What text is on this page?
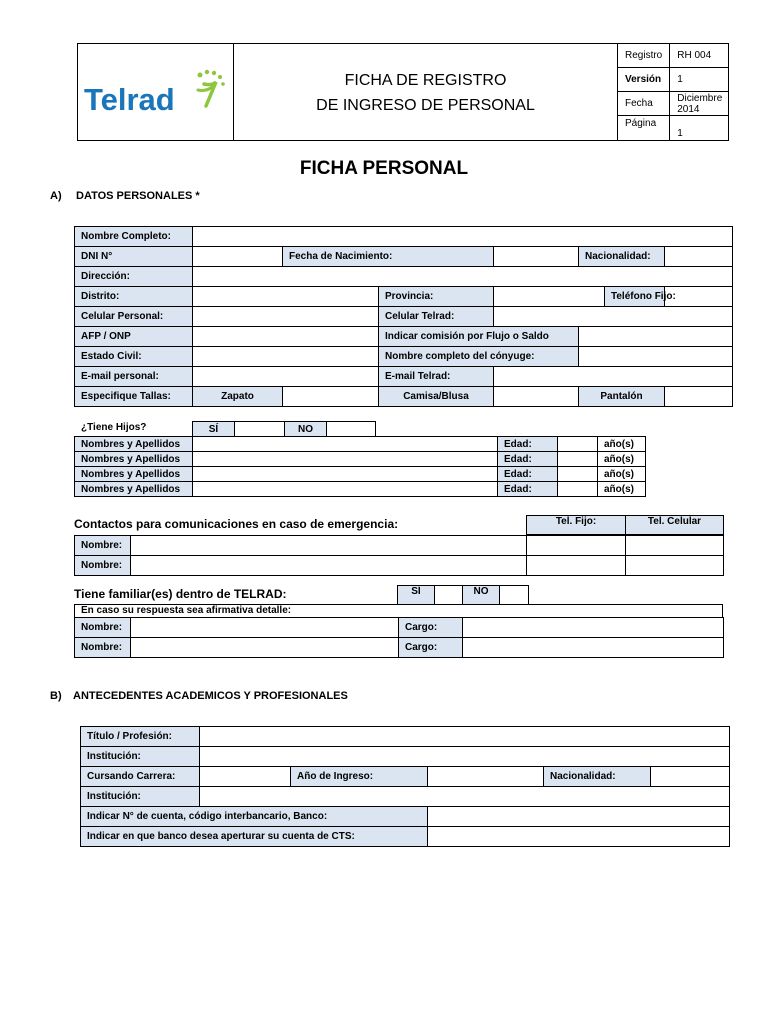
Telrad
FICHA DE REGISTRO
DE INGRESO DE PERSONAL
Registro	RH 004
Versión	1
Fecha	Diciembre 2014
Página	1
FICHA PERSONAL
A) DATOS PERSONALES *
Nombre Completo:							
DNI N°		Fecha de Nacimiento:			Nacionalidad:		
Dirección:							
Distrito:			Provincia:			Teléfono Fijo:	
Celular Personal:			Celular Telrad:				
AFP / ONP			Indicar comisión por Flujo o Saldo				
Estado Civil:			Nombre completo del cónyuge:				
E-mail personal:			E-mail Telrad:				
Especifique Tallas:	Zapato		Camisa/Blusa		Pantalón		
¿Tiene Hijos?	SÍ		NO	
Nombres y Apellidos		Edad:		año(s)
Nombres y Apellidos		Edad:		año(s)
Nombres y Apellidos		Edad:		año(s)
Nombres y Apellidos		Edad:		año(s)
Contactos para comunicaciones en caso de emergencia:	Tel. Fijo:	Tel. Celular
Nombre:			
Nombre:			
Tiene familiar(es) dentro de TELRAD:	SÍ		NO	
En caso su respuesta sea afirmativa detalle:
Nombre:		Cargo:	
Nombre:		Cargo:	
B) ANTECEDENTES ACADEMICOS Y PROFESIONALES
Título / Profesión:					
Institución:					
Cursando Carrera:		Año de Ingreso:		Nacionalidad:	
Institución:					
Indicar N° de cuenta, código interbancario, Banco:					
Indicar en que banco desea aperturar su cuenta de CTS:					
